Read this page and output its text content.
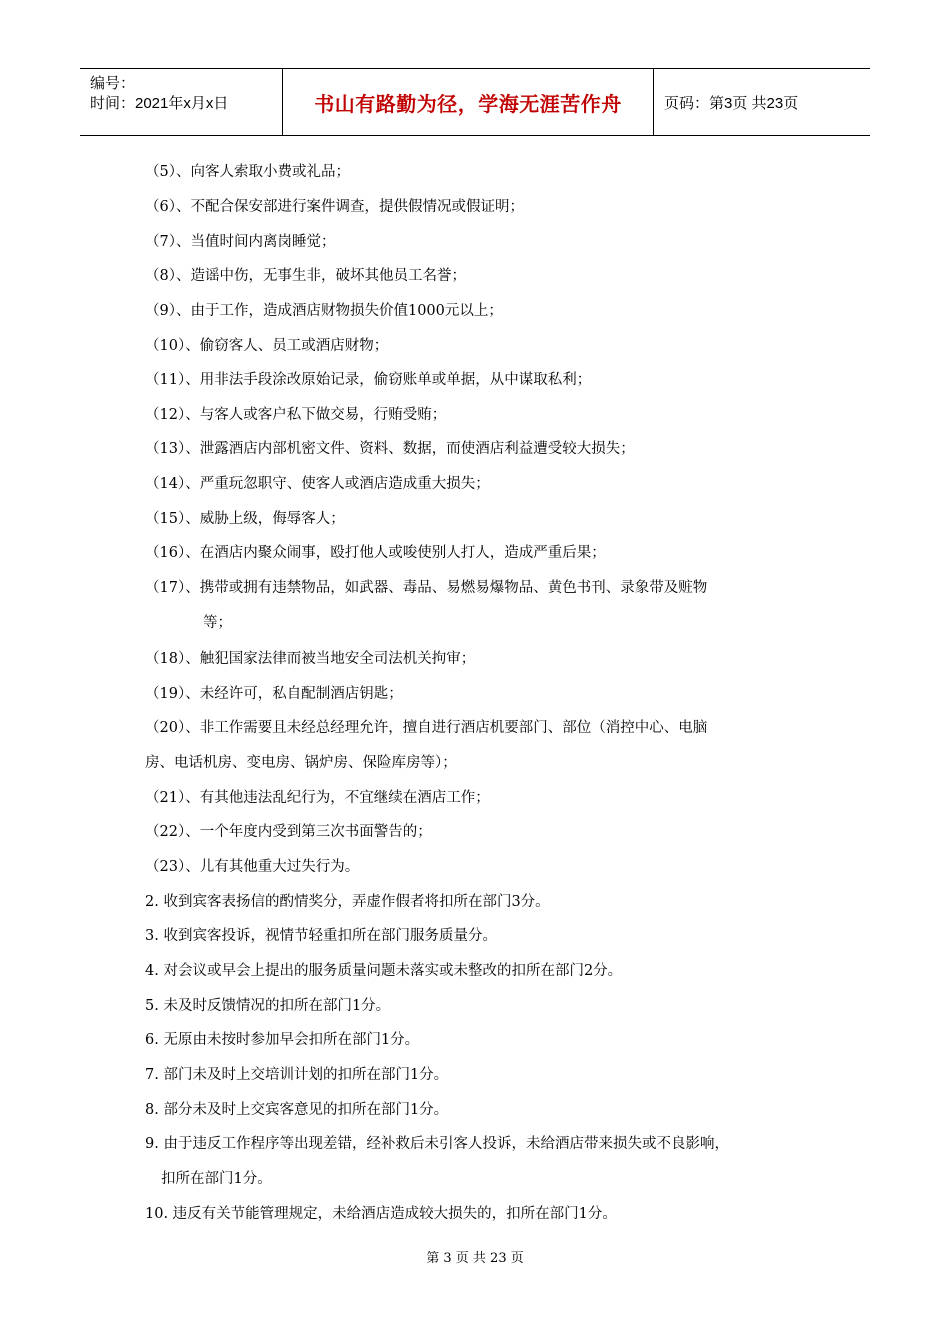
编号：
时间：2021年x月x日	书山有路勤为径，学海无涯苦作舟	页码：第3页 共23页
（5）、向客人索取小费或礼品；
（6）、不配合保安部进行案件调查，提供假情况或假证明；
（7）、当值时间内离岗睡觉；
（8）、造谣中伤，无事生非，破坏其他员工名誉；
（9）、由于工作，造成酒店财物损失价值1000元以上；
（10）、偷窃客人、员工或酒店财物；
（11）、用非法手段涂改原始记录，偷窃账单或单据，从中谋取私利；
（12）、与客人或客户私下做交易，行贿受贿；
（13）、泄露酒店内部机密文件、资料、数据，而使酒店利益遭受较大损失；
（14）、严重玩忽职守、使客人或酒店造成重大损失；
（15）、威胁上级，侮辱客人；
（16）、在酒店内聚众闹事，殴打他人或唆使别人打人，造成严重后果；
（17）、携带或拥有违禁物品，如武器、毒品、易燃易爆物品、黄色书刊、录象带及赃物
等；
（18）、触犯国家法律而被当地安全司法机关拘审；
（19）、未经许可，私自配制酒店钥匙；
（20）、非工作需要且未经总经理允许，擅自进行酒店机要部门、部位（消控中心、电脑
房、电话机房、变电房、锅炉房、保险库房等）；
（21）、有其他违法乱纪行为，不宜继续在酒店工作；
（22）、一个年度内受到第三次书面警告的；
（23）、儿有其他重大过失行为。
2. 收到宾客表扬信的酌情奖分，弄虚作假者将扣所在部门3分。
3. 收到宾客投诉，视情节轻重扣所在部门服务质量分。
4. 对会议或早会上提出的服务质量问题未落实或未整改的扣所在部门2分。
5. 未及时反馈情况的扣所在部门1分。
6. 无原由未按时参加早会扣所在部门1分。
7. 部门未及时上交培训计划的扣所在部门1分。
8. 部分未及时上交宾客意见的扣所在部门1分。
9. 由于违反工作程序等出现差错，经补救后未引客人投诉，未给酒店带来损失或不良影响，
扣所在部门1分。
10. 违反有关节能管理规定，未给酒店造成较大损失的，扣所在部门1分。
第 3 页 共 23 页
